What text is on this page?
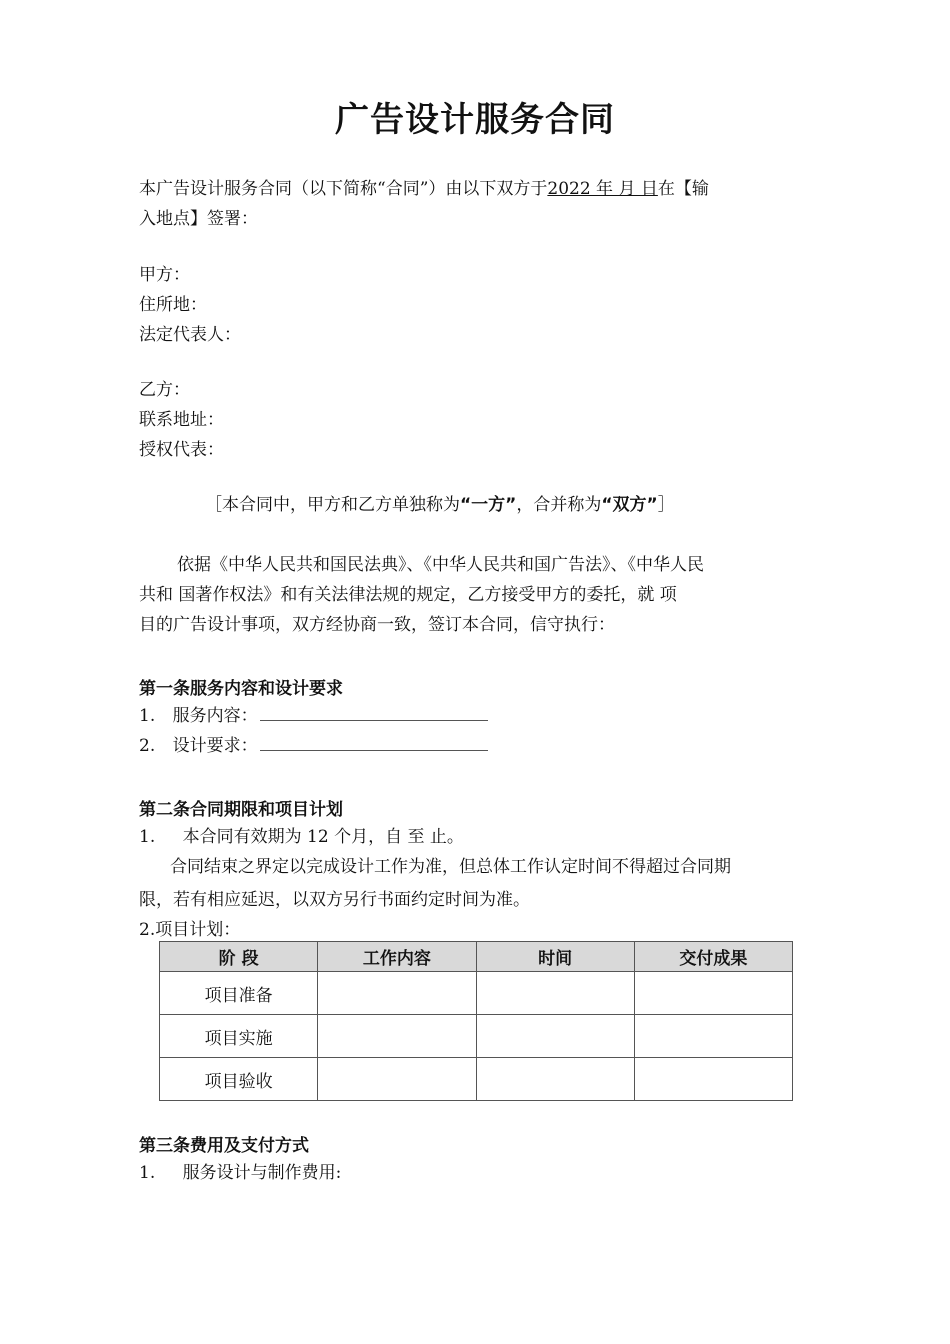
广告设计服务合同
本广告设计服务合同（以下简称“合同”）由以下双方于2022 年 月 日在【输
入地点】签署：
甲方：
住所地：
法定代表人：
乙方：
联系地址：
授权代表：
［本合同中，甲方和乙方单独称为“一方”，合并称为“双方”］
依据《中华人民共和国民法典》、《中华人民共和国广告法》、《中华人民
共和 国著作权法》和有关法律法规的规定，乙方接受甲方的委托，就 项
目的广告设计事项，双方经协商一致，签订本合同，信守执行：
第一条服务内容和设计要求
1. 服务内容：
2. 设计要求：
第二条合同期限和项目计划
1. 本合同有效期为 12 个月，自 至 止。
合同结束之界定以完成设计工作为准，但总体工作认定时间不得超过合同期
限，若有相应延迟，以双方另行书面约定时间为准。
2.项目计划：
阶 段	工作内容	时间	交付成果
项目准备			
项目实施			
项目验收			
第三条费用及支付方式
1. 服务设计与制作费用:
